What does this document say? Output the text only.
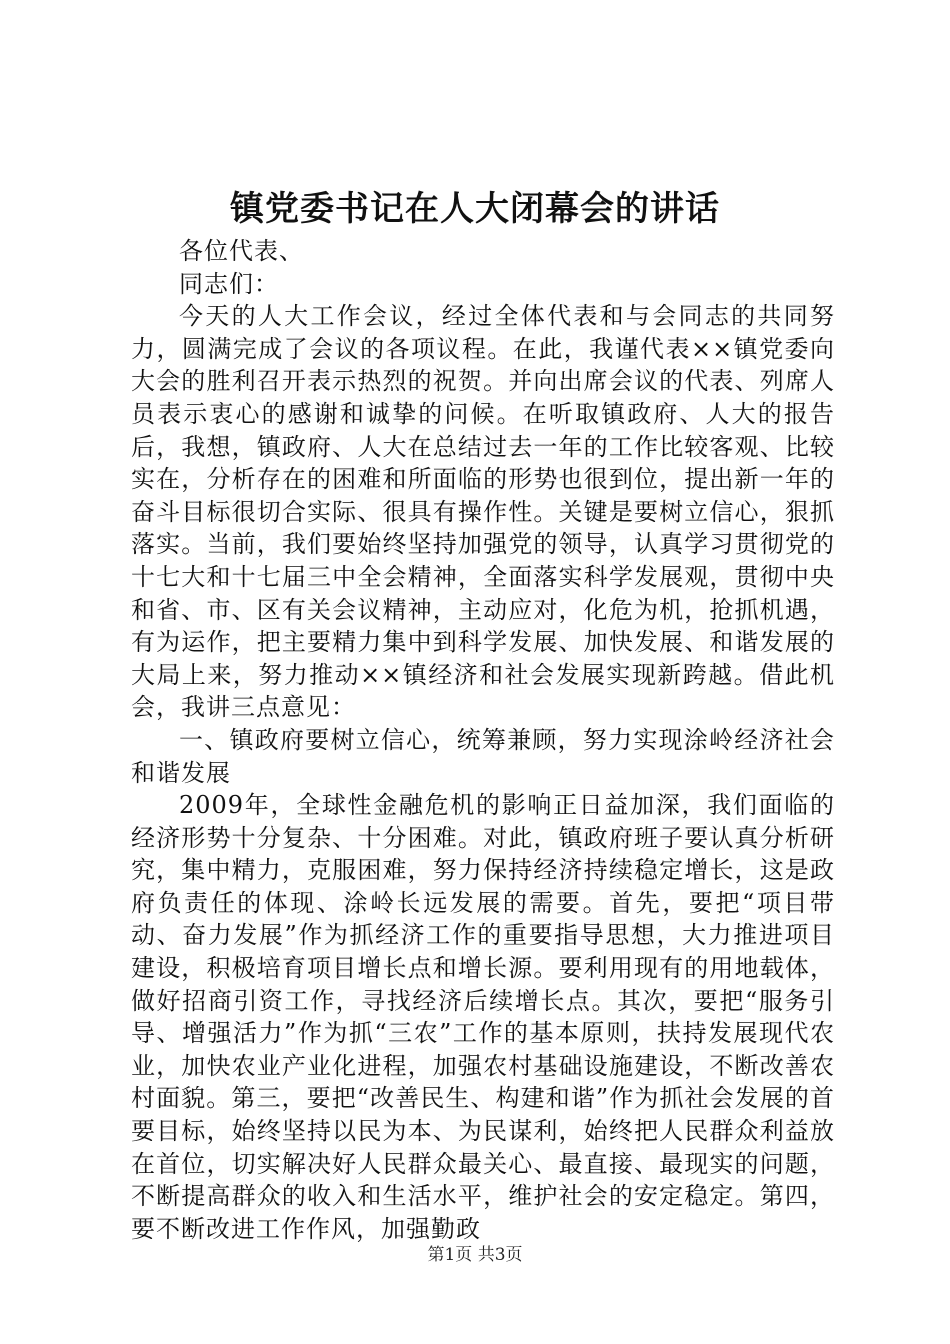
镇党委书记在人大闭幕会的讲话

各位代表、

同志们：

今天的人大工作会议，经过全体代表和与会同志的共同努力，圆满完成了会议的各项议程。在此，我谨代表××镇党委向大会的胜利召开表示热烈的祝贺。并向出席会议的代表、列席人员表示衷心的感谢和诚挚的问候。在听取镇政府、人大的报告后，我想，镇政府、人大在总结过去一年的工作比较客观、比较实在，分析存在的困难和所面临的形势也很到位，提出新一年的奋斗目标很切合实际、很具有操作性。关键是要树立信心，狠抓落实。当前，我们要始终坚持加强党的领导，认真学习贯彻党的十七大和十七届三中全会精神，全面落实科学发展观，贯彻中央和省、市、区有关会议精神，主动应对，化危为机，抢抓机遇，有为运作，把主要精力集中到科学发展、加快发展、和谐发展的大局上来，努力推动××镇经济和社会发展实现新跨越。借此机会，我讲三点意见：

一、镇政府要树立信心，统筹兼顾，努力实现涂岭经济社会和谐发展

2009年，全球性金融危机的影响正日益加深，我们面临的经济形势十分复杂、十分困难。对此，镇政府班子要认真分析研究，集中精力，克服困难，努力保持经济持续稳定增长，这是政府负责任的体现、涂岭长远发展的需要。首先，要把“项目带动、奋力发展”作为抓经济工作的重要指导思想，大力推进项目建设，积极培育项目增长点和增长源。要利用现有的用地载体，做好招商引资工作，寻找经济后续增长点。其次，要把“服务引导、增强活力”作为抓“三农”工作的基本原则，扶持发展现代农业，加快农业产业化进程，加强农村基础设施建设，不断改善农村面貌。第三，要把“改善民生、构建和谐”作为抓社会发展的首要目标，始终坚持以民为本、为民谋利，始终把人民群众利益放在首位，切实解决好人民群众最关心、最直接、最现实的问题，不断提高群众的收入和生活水平，维护社会的安定稳定。第四，要不断改进工作作风，加强勤政

第1页 共3页
